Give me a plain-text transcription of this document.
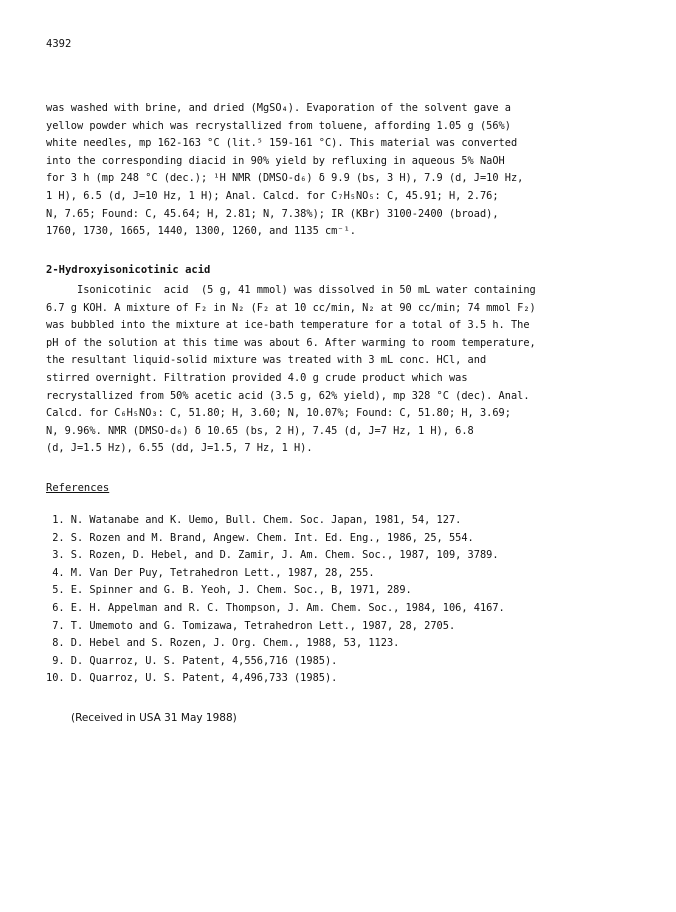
4392
was washed with brine, and dried (MgSO₄). Evaporation of the solvent gave a
yellow powder which was recrystallized from toluene, affording 1.05 g (56%)
white needles, mp 162-163 °C (lit.⁵ 159-161 °C). This material was converted
into the corresponding diacid in 90% yield by refluxing in aqueous 5% NaOH
for 3 h (mp 248 °C (dec.); ¹H NMR (DMSO-d₆) δ 9.9 (bs, 3 H), 7.9 (d, J=10 Hz,
1 H), 6.5 (d, J=10 Hz, 1 H); Anal. Calcd. for C₇H₅NO₅: C, 45.91; H, 2.76;
N, 7.65; Found: C, 45.64; H, 2.81; N, 7.38%); IR (KBr) 3100-2400 (broad),
1760, 1730, 1665, 1440, 1300, 1260, and 1135 cm⁻¹.
2-Hydroxyisonicotinic acid
Isonicotinic  acid  (5 g, 41 mmol) was dissolved in 50 mL water containing
6.7 g KOH. A mixture of F₂ in N₂ (F₂ at 10 cc/min, N₂ at 90 cc/min; 74 mmol F₂)
was bubbled into the mixture at ice-bath temperature for a total of 3.5 h. The
pH of the solution at this time was about 6. After warming to room temperature,
the resultant liquid-solid mixture was treated with 3 mL conc. HCl, and
stirred overnight. Filtration provided 4.0 g crude product which was
recrystallized from 50% acetic acid (3.5 g, 62% yield), mp 328 °C (dec). Anal.
Calcd. for C₆H₅NO₃: C, 51.80; H, 3.60; N, 10.07%; Found: C, 51.80; H, 3.69;
N, 9.96%. NMR (DMSO-d₆) δ 10.65 (bs, 2 H), 7.45 (d, J=7 Hz, 1 H), 6.8
(d, J=1.5 Hz), 6.55 (dd, J=1.5, 7 Hz, 1 H).
References
1. N. Watanabe and K. Uemo, Bull. Chem. Soc. Japan, 1981, 54, 127.
2. S. Rozen and M. Brand, Angew. Chem. Int. Ed. Eng., 1986, 25, 554.
3. S. Rozen, D. Hebel, and D. Zamir, J. Am. Chem. Soc., 1987, 109, 3789.
4. M. Van Der Puy, Tetrahedron Lett., 1987, 28, 255.
5. E. Spinner and G. B. Yeoh, J. Chem. Soc., B, 1971, 289.
6. E. H. Appelman and R. C. Thompson, J. Am. Chem. Soc., 1984, 106, 4167.
7. T. Umemoto and G. Tomizawa, Tetrahedron Lett., 1987, 28, 2705.
8. D. Hebel and S. Rozen, J. Org. Chem., 1988, 53, 1123.
9. D. Quarroz, U. S. Patent, 4,556,716 (1985).
10. D. Quarroz, U. S. Patent, 4,496,733 (1985).
(Received in USA 31 May 1988)
